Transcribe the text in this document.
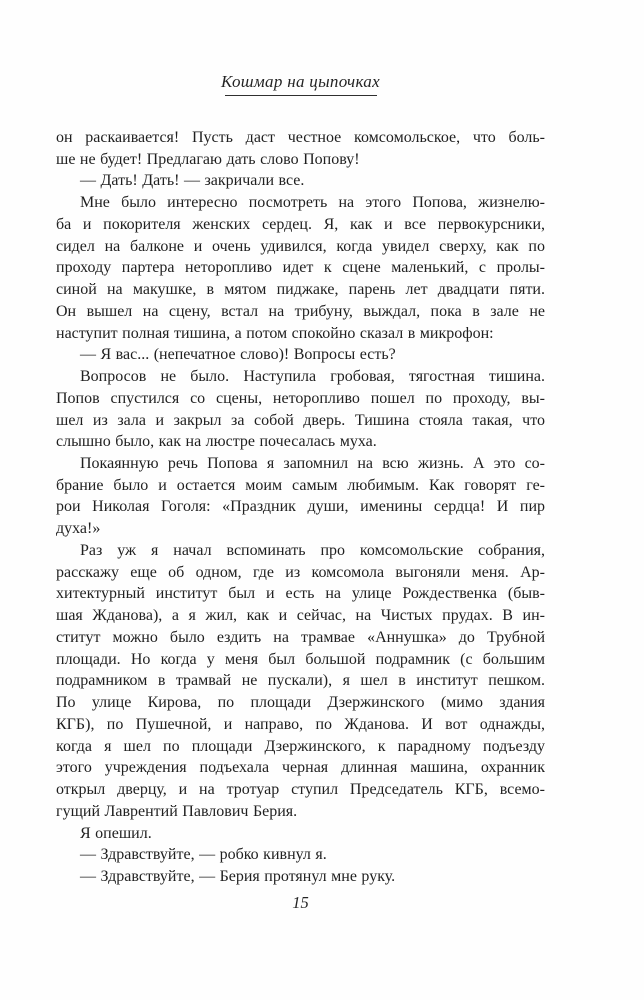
Кошмар на цыпочках
он раскаивается! Пусть даст честное комсомольское, что боль-
ше не будет! Предлагаю дать слово Попову!
— Дать! Дать! — закричали все.
Мне было интересно посмотреть на этого Попова, жизнелю-
ба и покорителя женских сердец. Я, как и все первокурсники,
сидел на балконе и очень удивился, когда увидел сверху, как по
проходу партера неторопливо идет к сцене маленький, с пролы-
синой на макушке, в мятом пиджаке, парень лет двадцати пяти.
Он вышел на сцену, встал на трибуну, выждал, пока в зале не
наступит полная тишина, а потом спокойно сказал в микрофон:
— Я вас... (непечатное слово)! Вопросы есть?
Вопросов не было. Наступила гробовая, тягостная тишина.
Попов спустился со сцены, неторопливо пошел по проходу, вы-
шел из зала и закрыл за собой дверь. Тишина стояла такая, что
слышно было, как на люстре почесалась муха.
Покаянную речь Попова я запомнил на всю жизнь. А это со-
брание было и остается моим самым любимым. Как говорят ге-
рои Николая Гоголя: «Праздник души, именины сердца! И пир
духа!»
Раз уж я начал вспоминать про комсомольские собрания,
расскажу еще об одном, где из комсомола выгоняли меня. Ар-
хитектурный институт был и есть на улице Рождественка (быв-
шая Жданова), а я жил, как и сейчас, на Чистых прудах. В ин-
ститут можно было ездить на трамвае «Аннушка» до Трубной
площади. Но когда у меня был большой подрамник (с большим
подрамником в трамвай не пускали), я шел в институт пешком.
По улице Кирова, по площади Дзержинского (мимо здания
КГБ), по Пушечной, и направо, по Жданова. И вот однажды,
когда я шел по площади Дзержинского, к парадному подъезду
этого учреждения подъехала черная длинная машина, охранник
открыл дверцу, и на тротуар ступил Председатель КГБ, всемо-
гущий Лаврентий Павлович Берия.
Я опешил.
— Здравствуйте, — робко кивнул я.
— Здравствуйте, — Берия протянул мне руку.
15
